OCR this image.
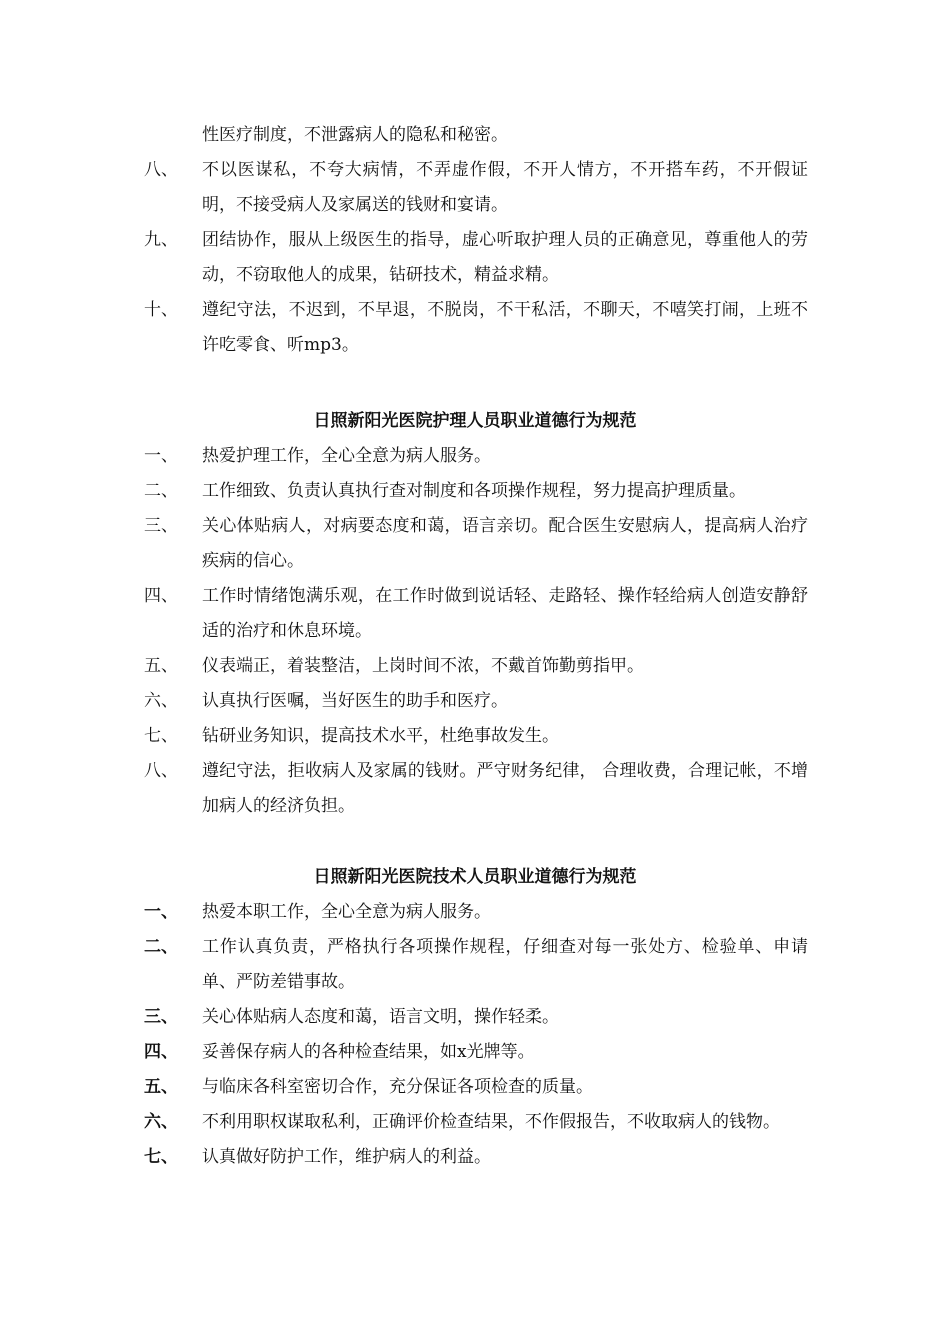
性医疗制度，不泄露病人的隐私和秘密。
八、	不以医谋私，不夸大病情，不弄虚作假，不开人情方，不开搭车药，不开假证明，不接受病人及家属送的钱财和宴请。
九、	团结协作，服从上级医生的指导，虚心听取护理人员的正确意见，尊重他人的劳动，不窃取他人的成果，钻研技术，精益求精。
十、	遵纪守法，不迟到，不早退，不脱岗，不干私活，不聊天，不嘻笑打闹，上班不许吃零食、听mp3。
日照新阳光医院护理人员职业道德行为规范
一、	热爱护理工作，全心全意为病人服务。
二、	工作细致、负责认真执行查对制度和各项操作规程，努力提高护理质量。
三、	关心体贴病人，对病要态度和蔼，语言亲切。配合医生安慰病人，提高病人治疗疾病的信心。
四、	工作时情绪饱满乐观，在工作时做到说话轻、走路轻、操作轻给病人创造安静舒适的治疗和休息环境。
五、	仪表端正，着装整洁，上岗时间不浓，不戴首饰勤剪指甲。
六、	认真执行医嘱，当好医生的助手和医疗。
七、	钻研业务知识，提高技术水平，杜绝事故发生。
八、	遵纪守法，拒收病人及家属的钱财。严守财务纪律， 合理收费，合理记帐，不增加病人的经济负担。
日照新阳光医院技术人员职业道德行为规范
一、	热爱本职工作，全心全意为病人服务。
二、	工作认真负责，严格执行各项操作规程，仔细查对每一张处方、检验单、申请单、严防差错事故。
三、	关心体贴病人态度和蔼，语言文明，操作轻柔。
四、	妥善保存病人的各种检查结果，如x光牌等。
五、	与临床各科室密切合作，充分保证各项检查的质量。
六、	不利用职权谋取私利，正确评价检查结果，不作假报告，不收取病人的钱物。
七、	认真做好防护工作，维护病人的利益。
